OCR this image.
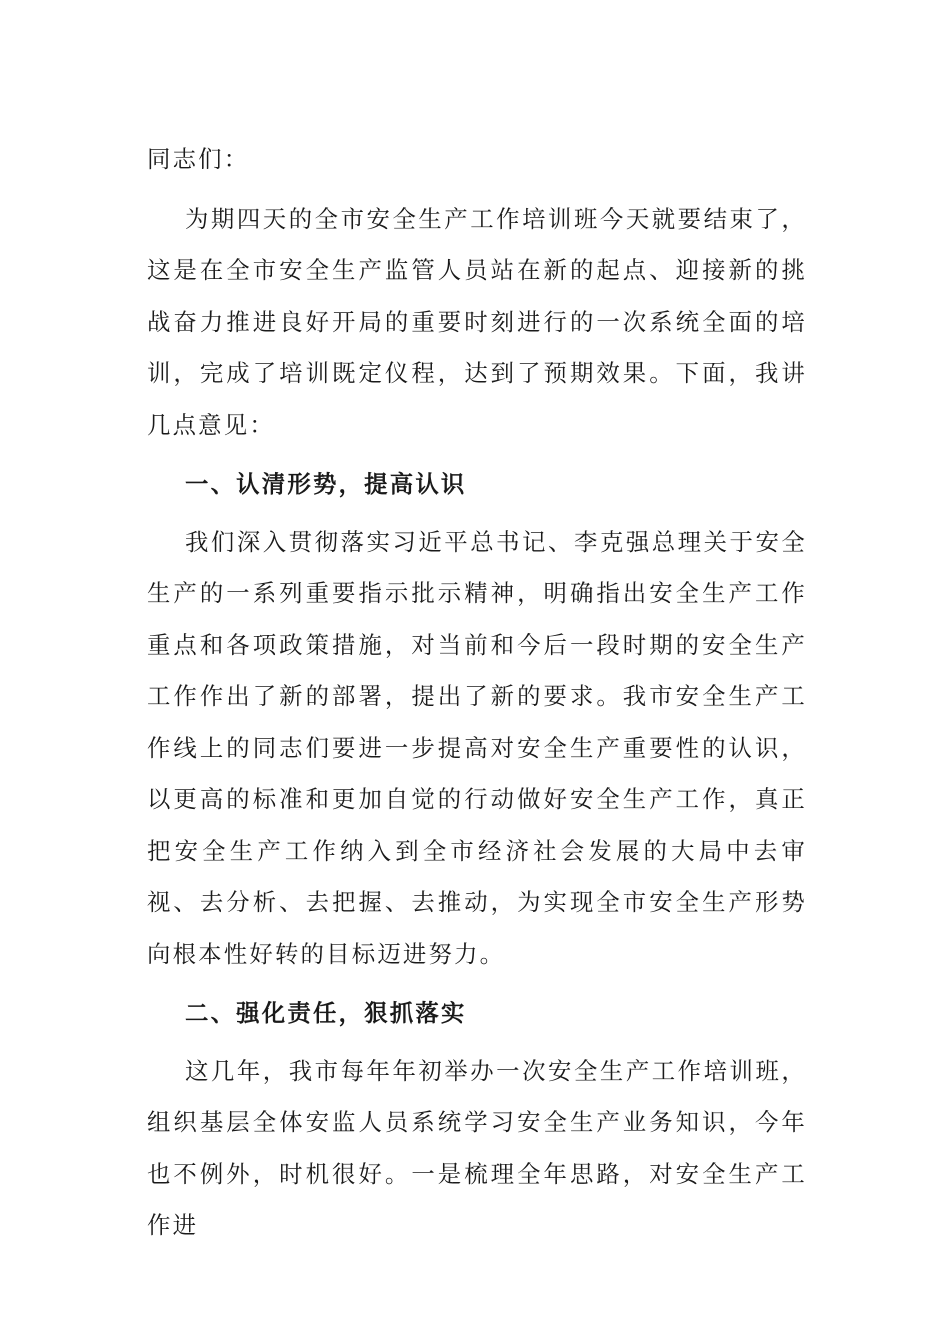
同志们：

为期四天的全市安全生产工作培训班今天就要结束了，这是在全市安全生产监管人员站在新的起点、迎接新的挑战奋力推进良好开局的重要时刻进行的一次系统全面的培训，完成了培训既定仪程，达到了预期效果。下面，我讲几点意见：

一、认清形势，提高认识

我们深入贯彻落实习近平总书记、李克强总理关于安全生产的一系列重要指示批示精神，明确指出安全生产工作重点和各项政策措施，对当前和今后一段时期的安全生产工作作出了新的部署，提出了新的要求。我市安全生产工作线上的同志们要进一步提高对安全生产重要性的认识，以更高的标准和更加自觉的行动做好安全生产工作，真正把安全生产工作纳入到全市经济社会发展的大局中去审视、去分析、去把握、去推动，为实现全市安全生产形势向根本性好转的目标迈进努力。

二、强化责任，狠抓落实

这几年，我市每年年初举办一次安全生产工作培训班，组织基层全体安监人员系统学习安全生产业务知识，今年也不例外，时机很好。一是梳理全年思路，对安全生产工作进
